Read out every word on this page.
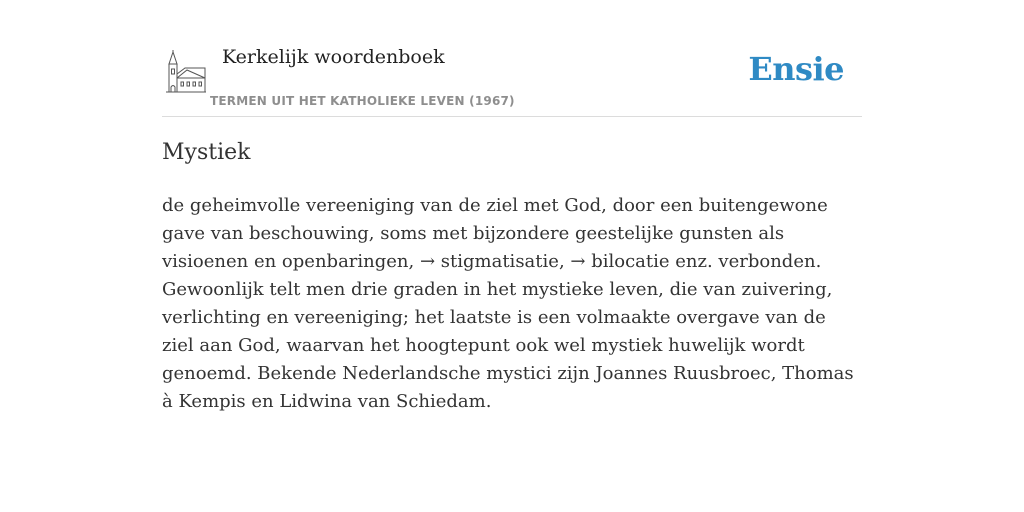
Kerkelijk woordenboek
TERMEN UIT HET KATHOLIEKE LEVEN (1967)
Ensie
Mystiek

de geheimvolle vereeniging van de ziel met God, door een buitengewone gave van beschouwing, soms met bijzondere geestelijke gunsten als visioenen en openbaringen, → stigmatisatie, → bilocatie enz. verbonden. Gewoonlijk telt men drie graden in het mystieke leven, die van zuivering, verlichting en vereeniging; het laatste is een volmaakte overgave van de ziel aan God, waarvan het hoogtepunt ook wel mystiek huwelijk wordt genoemd. Bekende Nederlandsche mystici zijn Joannes Ruusbroec, Thomas à Kempis en Lidwina van Schiedam.
